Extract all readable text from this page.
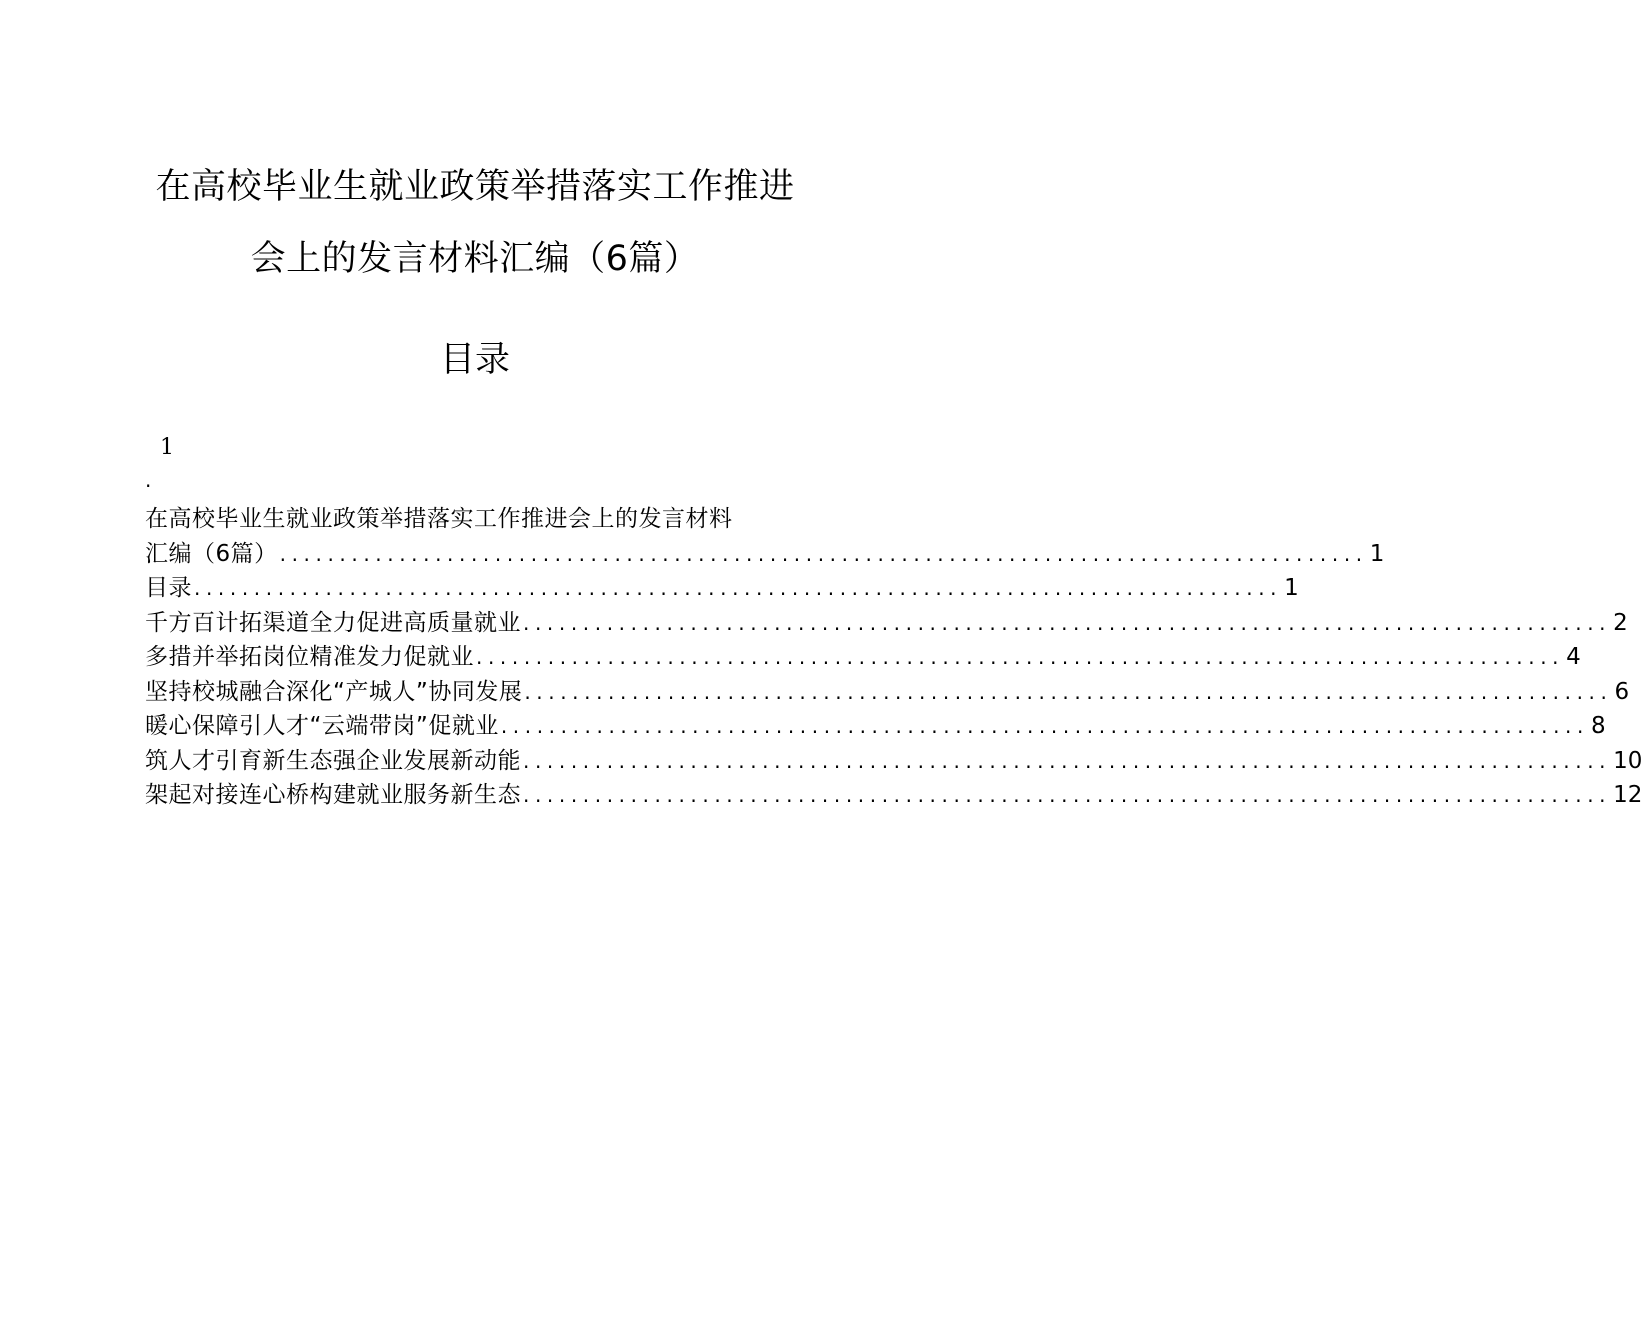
在高校毕业生就业政策举措落实工作推进
会上的发言材料汇编（6篇）
目录
1
.
在高校毕业生就业政策举措落实工作推进会上的发言材料
汇编（6篇） ........................................................................................... 1
目录 ........................................................................................... 1
千方百计拓渠道全力促进高质量就业 ........................................................................................... 2
多措并举拓岗位精准发力促就业 ........................................................................................... 4
坚持校城融合深化“产城人”协同发展 ........................................................................................... 6
暖心保障引人才“云端带岗”促就业 ........................................................................................... 8
筑人才引育新生态强企业发展新动能 ........................................................................................... 10
架起对接连心桥构建就业服务新生态 ........................................................................................... 12
